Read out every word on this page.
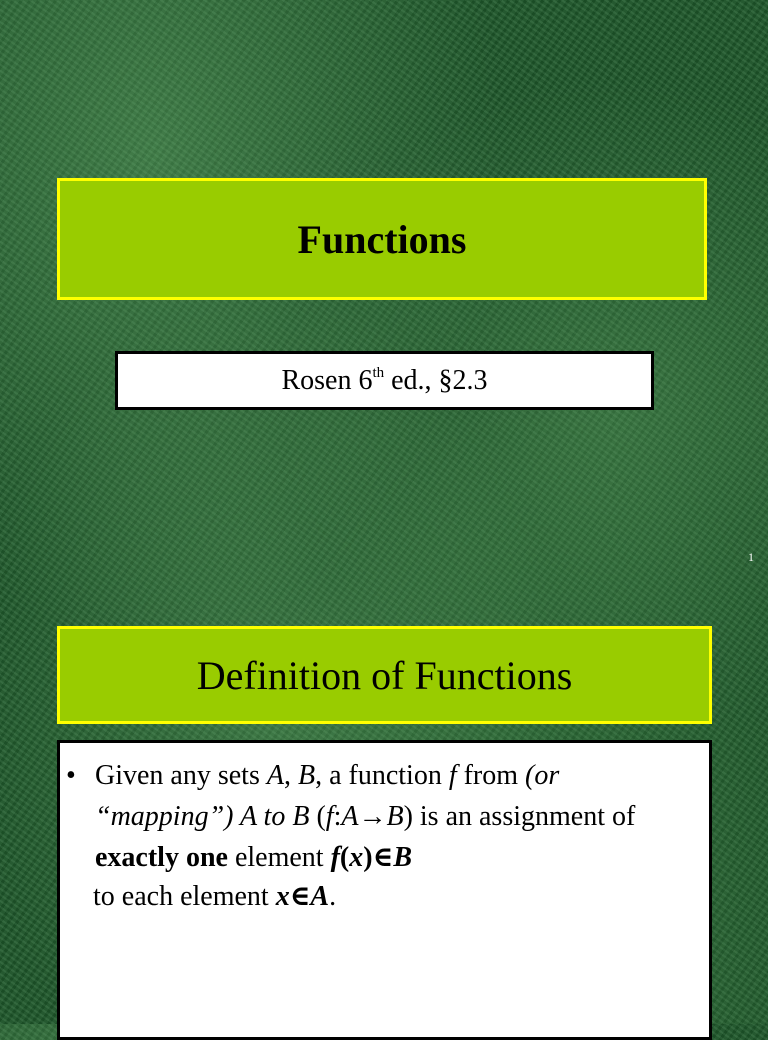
Functions
Rosen 6th ed., §2.3
1
Definition of Functions
• Given any sets A, B, a function f from (or “mapping”) A to B (f:A→B) is an assignment of exactly one element f(x)∈B
to each element x∈A.
